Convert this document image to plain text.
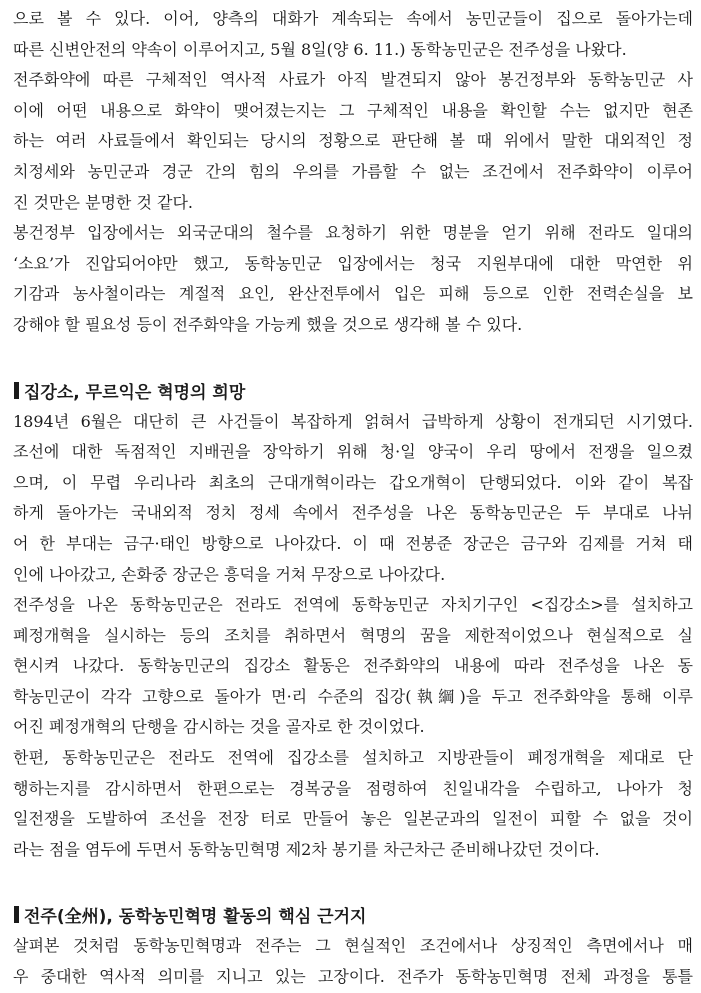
으로 볼 수 있다. 이어, 양측의 대화가 계속되는 속에서 농민군들이 집으로 돌아가는데
따른 신변안전의 약속이 이루어지고, 5월 8일(양 6. 11.) 동학농민군은 전주성을 나왔다.
전주화약에 따른 구체적인 역사적 사료가 아직 발견되지 않아 봉건정부와 동학농민군 사
이에 어떤 내용으로 화약이 맺어졌는지는 그 구체적인 내용을 확인할 수는 없지만 현존
하는 여러 사료들에서 확인되는 당시의 정황으로 판단해 볼 때 위에서 말한 대외적인 정
치정세와 농민군과 경군 간의 힘의 우의를 가름할 수 없는 조건에서 전주화약이 이루어
진 것만은 분명한 것 같다.
봉건정부 입장에서는 외국군대의 철수를 요청하기 위한 명분을 얻기 위해 전라도 일대의
‘소요’가 진압되어야만 했고, 동학농민군 입장에서는 청국 지원부대에 대한 막연한 위
기감과 농사철이라는 계절적 요인, 완산전투에서 입은 피해 등으로 인한 전력손실을 보
강해야 할 필요성 등이 전주화약을 가능케 했을 것으로 생각해 볼 수 있다.
집강소, 무르익은 혁명의 희망
1894년 6월은 대단히 큰 사건들이 복잡하게 얽혀서 급박하게 상황이 전개되던 시기였다.
조선에 대한 독점적인 지배권을 장악하기 위해 청·일 양국이 우리 땅에서 전쟁을 일으켰
으며, 이 무렵 우리나라 최초의 근대개혁이라는 갑오개혁이 단행되었다. 이와 같이 복잡
하게 돌아가는 국내외적 정치 정세 속에서 전주성을 나온 동학농민군은 두 부대로 나뉘
어 한 부대는 금구·태인 방향으로 나아갔다. 이 때 전봉준 장군은 금구와 김제를 거쳐 태
인에 나아갔고, 손화중 장군은 흥덕을 거쳐 무장으로 나아갔다.
전주성을 나온 동학농민군은 전라도 전역에 동학농민군 자치기구인 <집강소>를 설치하고
폐정개혁을 실시하는 등의 조치를 취하면서 혁명의 꿈을 제한적이었으나 현실적으로 실
현시켜 나갔다. 동학농민군의 집강소 활동은 전주화약의 내용에 따라 전주성을 나온 동
학농민군이 각각 고향으로 돌아가 면·리 수준의 집강(執綱)을 두고 전주화약을 통해 이루
어진 폐정개혁의 단행을 감시하는 것을 골자로 한 것이었다.
한편, 동학농민군은 전라도 전역에 집강소를 설치하고 지방관들이 폐정개혁을 제대로 단
행하는지를 감시하면서 한편으로는 경복궁을 점령하여 친일내각을 수립하고, 나아가 청
일전쟁을 도발하여 조선을 전장 터로 만들어 놓은 일본군과의 일전이 피할 수 없을 것이
라는 점을 염두에 두면서 동학농민혁명 제2차 봉기를 차근차근 준비해나갔던 것이다.
전주(全州), 동학농민혁명 활동의 핵심 근거지
살펴본 것처럼 동학농민혁명과 전주는 그 현실적인 조건에서나 상징적인 측면에서나 매
우 중대한 역사적 의미를 지니고 있는 고장이다. 전주가 동학농민혁명 전체 과정을 통틀
